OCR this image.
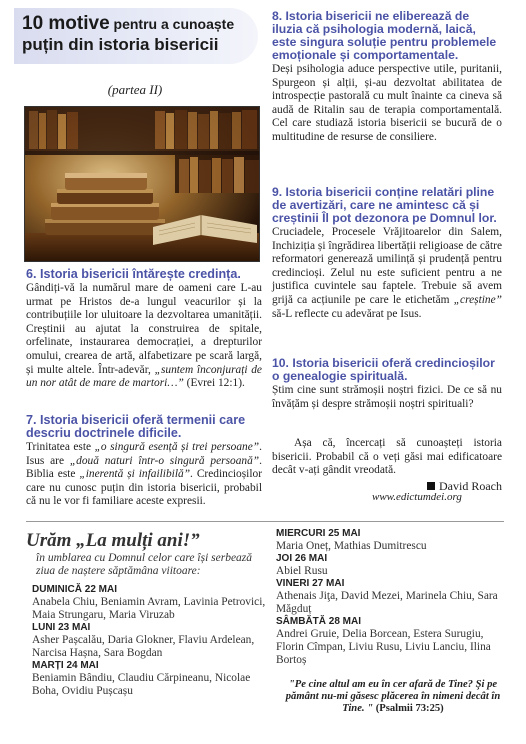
10 motive pentru a cunoaște
puțin din istoria bisericii
(partea II)
6. Istoria bisericii întărește credința.

Gândiți-vă la numărul mare de oameni care L-au urmat pe Hristos de-a lungul veacurilor și la contribuțiile lor uluitoare la dezvoltarea umanității. Creștinii au ajutat la construirea de spitale, orfelinate, instaurarea democrației, a drepturilor omului, crearea de artă, alfabetizare pe scară largă, și multe altele. Într-adevăr, „suntem înconjurați de un nor atât de mare de martori…” (Evrei 12:1).

7. Istoria bisericii oferă termenii care descriu doctrinele dificile.

Trinitatea este „o singură esență și trei persoane”. Isus are „două naturi într-o singură persoană”. Biblia este „inerentă și infailibilă”. Credincioșilor care nu cunosc puțin din istoria bisericii, probabil că nu le vor fi familiare aceste expresii.

8. Istoria bisericii ne eliberează de iluzia că psihologia modernă, laică, este singura soluție pentru problemele emoționale și comportamentale.

Deși psihologia aduce perspective utile, puritanii, Spurgeon și alții, și-au dezvoltat abilitatea de introspecție pastorală cu mult înainte ca cineva să audă de Ritalin sau de terapia comportamentală. Cel care studiază istoria bisericii se bucură de o multitudine de resurse de consiliere.

9. Istoria bisericii conține relatări pline de avertizări, care ne amintesc că și creștinii Îl pot dezonora pe Domnul lor.

Cruciadele, Procesele Vrăjitoarelor din Salem, Inchiziția și îngrădirea libertății religioase de către reformatori generează umilință și prudență pentru credincioși. Zelul nu este suficient pentru a ne justifica cuvintele sau faptele. Trebuie să avem grijă ca acțiunile pe care le etichetăm „creștine” să-L reflecte cu adevărat pe Isus.

10. Istoria bisericii oferă credincioșilor o genealogie spirituală.

Știm cine sunt strămoșii noștri fizici. De ce să nu învățăm și despre strămoșii noștri spirituali?

Așa că, încercați să cunoașteți istoria bisericii. Probabil că o veți găsi mai edificatoare decât v-ați gândit vreodată.

David Roach
www.edictumdei.org
Urăm „La mulți ani!”
în umblarea cu Domnul celor care își serbează ziua de naștere săptămâna viitoare:
DUMINICĂ 22 MAI
Anabela Chiu, Beniamin Avram, Lavinia Petrovici, Maia Strungaru, Maria Viruzab
LUNI 23 MAI
Asher Pașcalău, Daria Glokner, Flaviu Ardelean, Narcisa Hașna, Sara Bogdan
MARȚI 24 MAI
Beniamin Bândiu, Claudiu Cărpineanu, Nicolae Boha, Ovidiu Pușcașu
MIERCURI 25 MAI
Maria Oneț, Mathias Dumitrescu
JOI 26 MAI
Abiel Rusu
VINERI 27 MAI
Athenais Jiţa, David Mezei, Marinela Chiu, Sara Măgduț
SÂMBĂTĂ 28 MAI
Andrei Gruie, Delia Borcean, Estera Surugiu, Florin Cîmpan, Liviu Rusu, Liviu Lanciu, Ilina Bortoș
"Pe cine altul am eu în cer afară de Tine? Şi pe pământ nu-mi găsesc plăcerea în nimeni decât în Tine. " (Psalmii 73:25)
